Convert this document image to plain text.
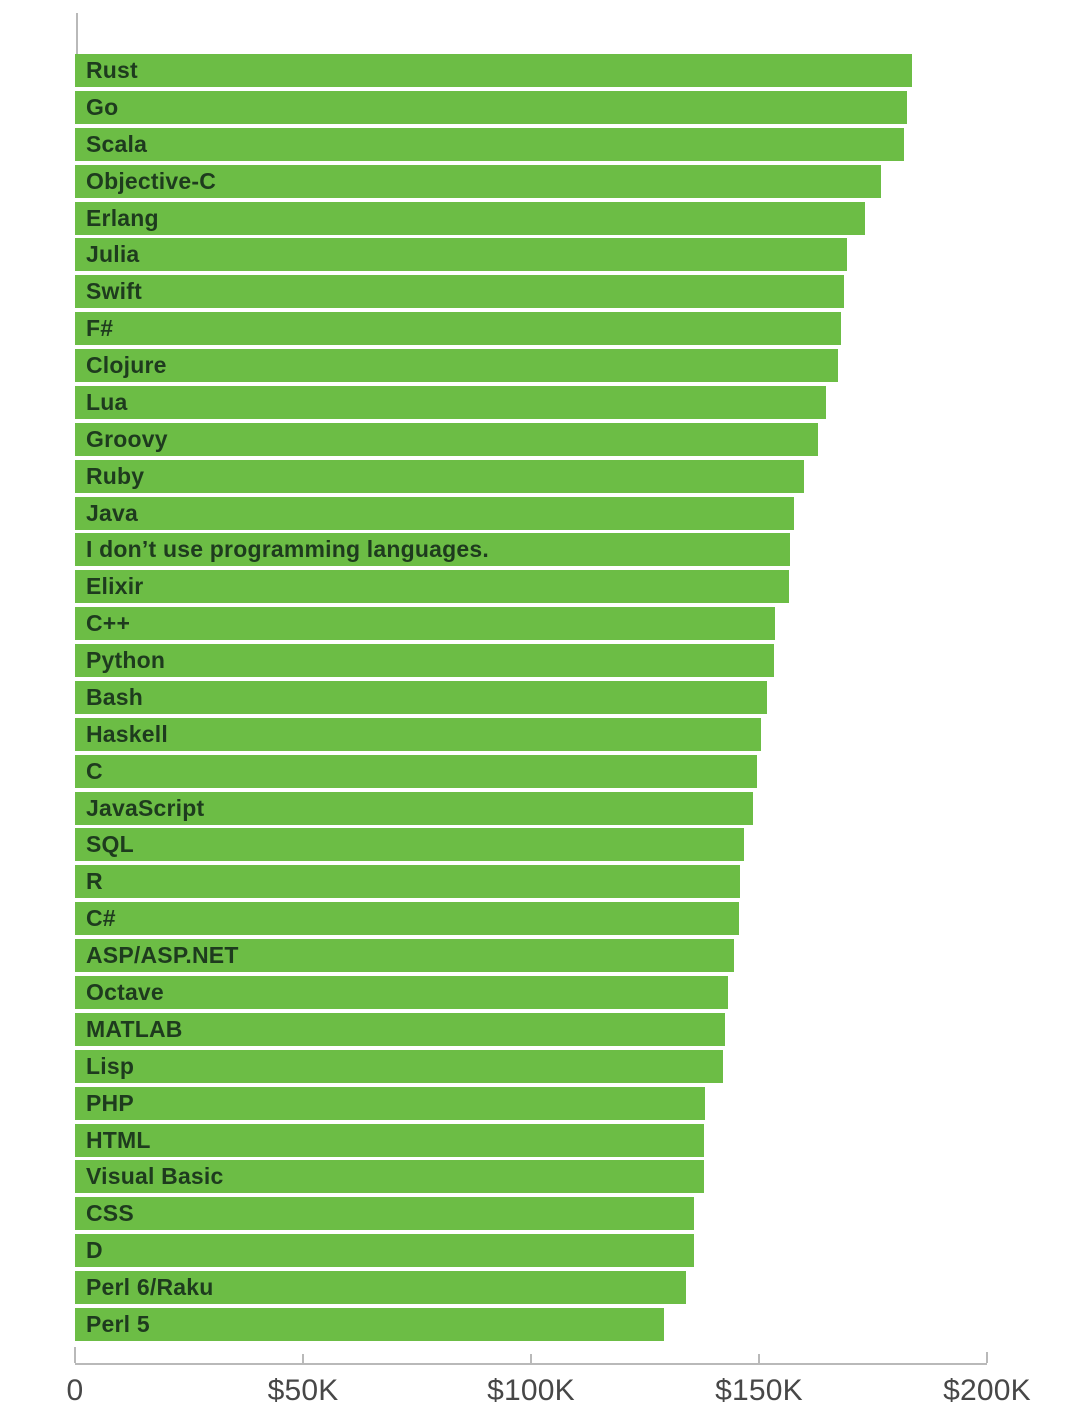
Rust
Go
Scala
Objective-C
Erlang
Julia
Swift
F#
Clojure
Lua
Groovy
Ruby
Java
I don’t use programming languages.
Elixir
C++
Python
Bash
Haskell
C
JavaScript
SQL
R
C#
ASP/ASP.NET
Octave
MATLAB
Lisp
PHP
HTML
Visual Basic
CSS
D
Perl 6/Raku
Perl 5
0	$50K	$100K	$150K	$200K
